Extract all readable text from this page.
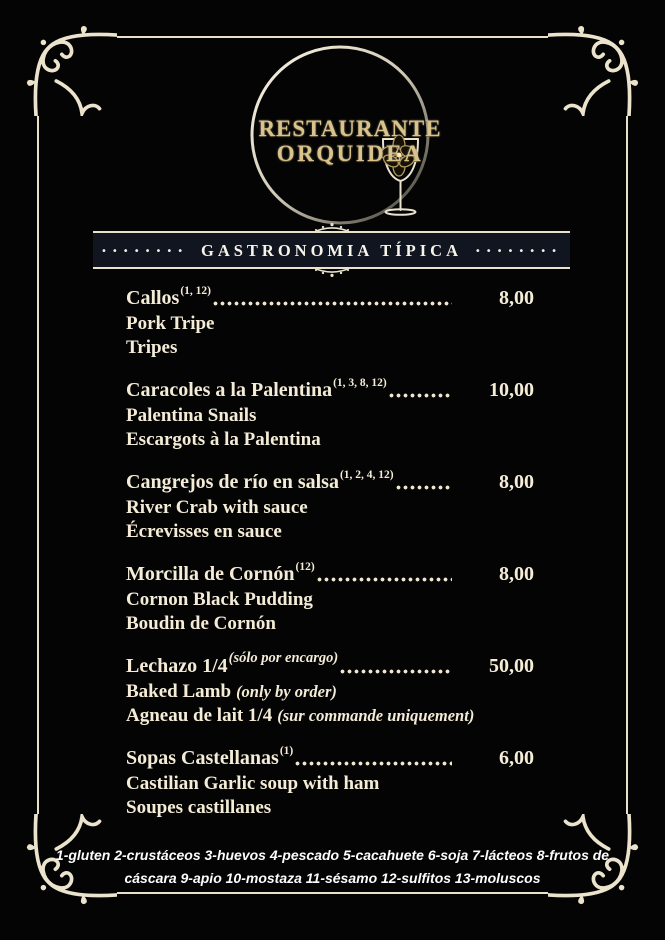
RESTAURANTE
ORQUIDEA
•••••••• GASTRONOMIA TÍPICA ••••••••
Callos (1, 12)	8,00
Pork Tripe
Tripes
Caracoles a la Palentina (1, 3, 8, 12)	10,00
Palentina Snails
Escargots à la Palentina
Cangrejos de río en salsa (1, 2, 4, 12)	8,00
River Crab with sauce
Écrevisses en sauce
Morcilla de Cornón (12)	8,00
Cornon Black Pudding
Boudin de Cornón
Lechazo 1/4 (sólo por encargo)	50,00
Baked Lamb (only by order)
Agneau de lait 1/4 (sur commande uniquement)
Sopas Castellanas (1)	6,00
Castilian Garlic soup with ham
Soupes castillanes
1-gluten 2-crustáceos 3-huevos 4-pescado 5-cacahuete 6-soja 7-lácteos 8-frutos de
cáscara 9-apio 10-mostaza 11-sésamo 12-sulfitos 13-moluscos
